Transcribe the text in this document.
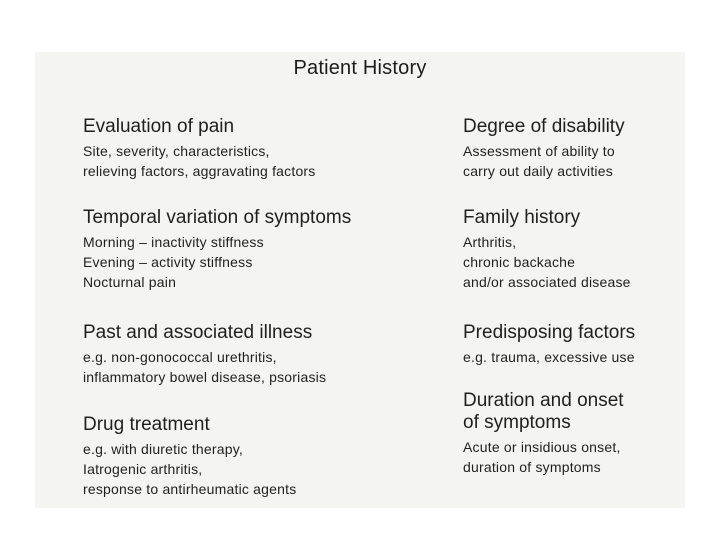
Patient History
Evaluation of pain
Site, severity, characteristics,
relieving factors, aggravating factors
Temporal variation of symptoms
Morning – inactivity stiffness
Evening – activity stiffness
Nocturnal pain
Past and associated illness
e.g. non-gonococcal urethritis,
inflammatory bowel disease, psoriasis
Drug treatment
e.g. with diuretic therapy,
Iatrogenic arthritis,
response to antirheumatic agents
Degree of disability
Assessment of ability to
carry out daily activities
Family history
Arthritis,
chronic backache
and/or associated disease
Predisposing factors
e.g. trauma, excessive use
Duration and onset
of symptoms
Acute or insidious onset,
duration of symptoms
